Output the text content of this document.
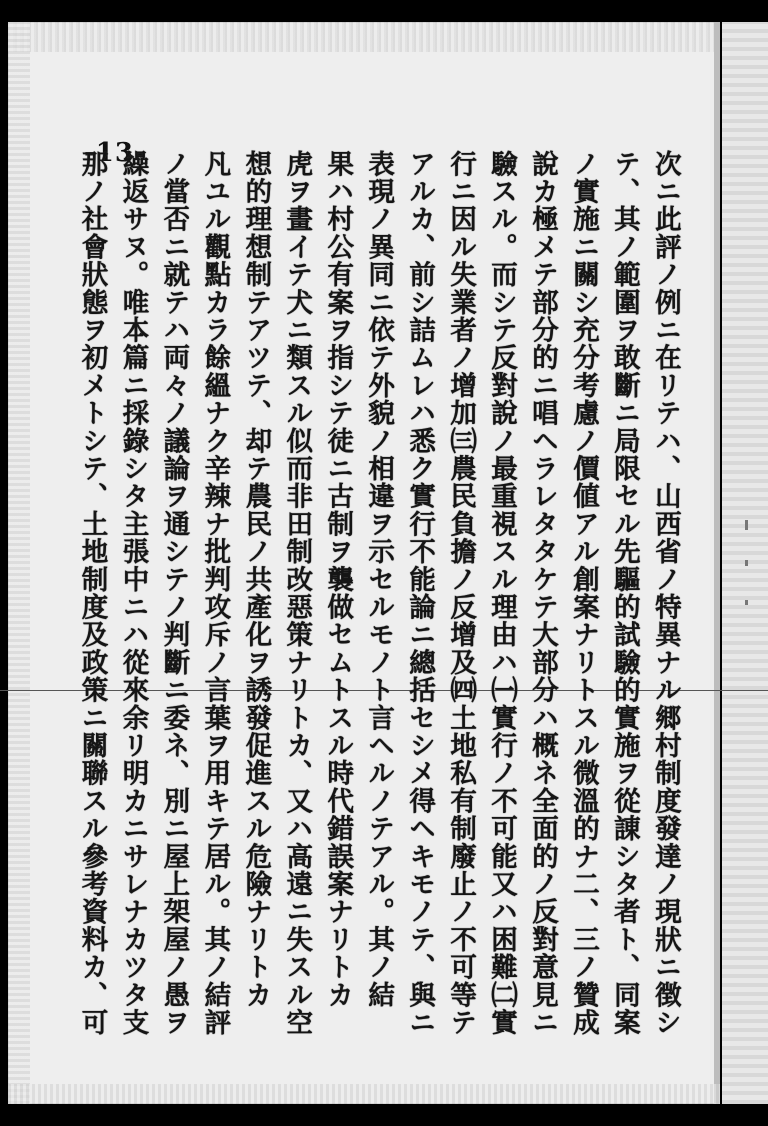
-13-	次ニ此評ノ例ニ在リテハ、山西省ノ特異ナル郷村制度發達ノ現狀ニ徴シ
テ、其ノ範圍ヲ敢斷ニ局限セル先驅的試驗的實施ヲ從諌シタ者ト、同案
ノ實施ニ關シ充分考慮ノ價値アル創案ナリトスル微溫的ナ二、三ノ贊成
說カ極メテ部分的ニ唱ヘラレタタケテ大部分ハ概ネ全面的ノ反對意見ニ
驗スル。而シテ反對說ノ最重視スル理由ハ㈠實行ノ不可能又ハ困難㈡實
行ニ因ル失業者ノ增加㈢農民負擔ノ反增及㈣土地私有制廢止ノ不可等テ
アルカ、前シ詰ムレハ悉ク實行不能論ニ總括セシメ得ヘキモノテ、與ニ
表現ノ異同ニ依テ外貌ノ相違ヲ示セルモノト言ヘルノテアル。其ノ結
果ハ村公有案ヲ指シテ徒ニ古制ヲ襲做セムトスル時代錯誤案ナリトカ
虎ヲ畫イテ犬ニ類スル似而非田制改惡策ナリトカ、又ハ高遠ニ失スル空
想的理想制テアツテ、却テ農民ノ共產化ヲ誘發促進スル危險ナリトカ
凡ユル觀點カラ餘縕ナク辛辣ナ批判攻斥ノ言葉ヲ用キテ居ル。其ノ結評
ノ當否ニ就テハ両々ノ議論ヲ通シテノ判斷ニ委ネ、別ニ屋上架屋ノ愚ヲ
繰返サヌ。唯本篇ニ採錄シタ主張中ニハ從來余リ明カニサレナカツタ支
那ノ社會狀態ヲ初メトシテ、土地制度及政策ニ關聯スル參考資料カ、可
